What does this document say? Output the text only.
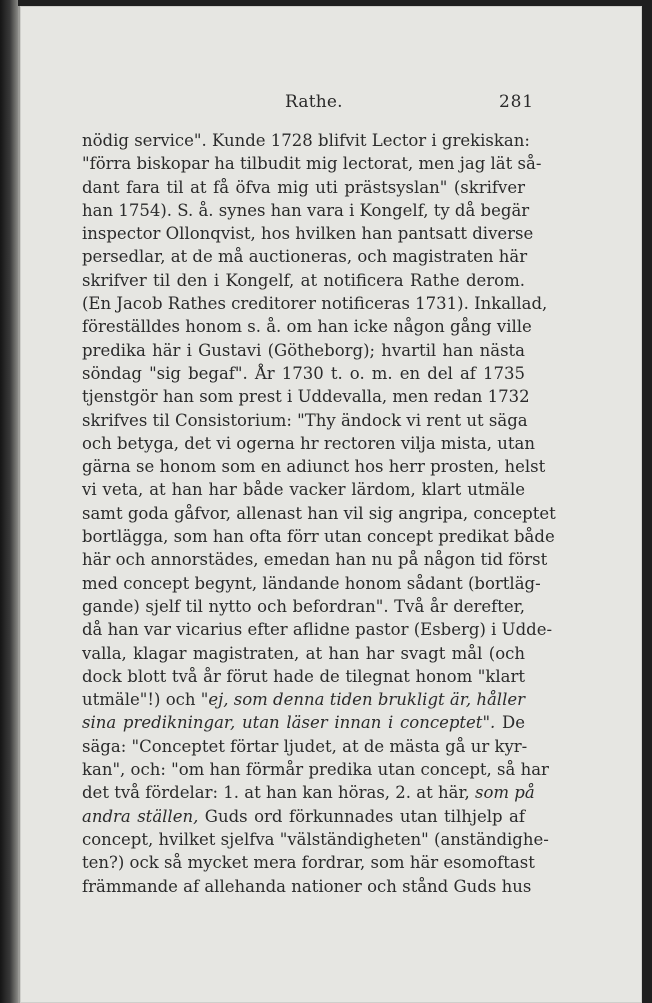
Rathe.	281
nödig service". Kunde 1728 blifvit Lector i grekiskan:
"förra biskopar ha tilbudit mig lectorat, men jag lät så-
dant fara til at få öfva mig uti prästsyslan" (skrifver
han 1754). S. å. synes han vara i Kongelf, ty då begär
inspector Ollonqvist, hos hvilken han pantsatt diverse
persedlar, at de må auctioneras, och magistraten här
skrifver til den i Kongelf, at notificera Rathe derom.
(En Jacob Rathes creditorer notificeras 1731). Inkallad,
föreställdes honom s. å. om han icke någon gång ville
predika här i Gustavi (Götheborg); hvartil han nästa
söndag "sig begaf". År 1730 t. o. m. en del af 1735
tjenstgör han som prest i Uddevalla, men redan 1732
skrifves til Consistorium: "Thy ändock vi rent ut säga
och betyga, det vi ogerna hr rectoren vilja mista, utan
gärna se honom som en adiunct hos herr prosten, helst
vi veta, at han har både vacker lärdom, klart utmäle
samt goda gåfvor, allenast han vil sig angripa, conceptet
bortlägga, som han ofta förr utan concept predikat både
här och annorstädes, emedan han nu på någon tid först
med concept begynt, ländande honom sådant (bortläg-
gande) sjelf til nytto och befordran". Två år derefter,
då han var vicarius efter aflidne pastor (Esberg) i Udde-
valla, klagar magistraten, at han har svagt mål (och
dock blott två år förut hade de tilegnat honom "klart
utmäle"!) och "ej, som denna tiden brukligt är, håller
sina predikningar, utan läser innan i conceptet". De
säga: "Conceptet förtar ljudet, at de mästa gå ur kyr-
kan", och: "om han förmår predika utan concept, så har
det två fördelar: 1. at han kan höras, 2. at här, som på
andra ställen, Guds ord förkunnades utan tilhjelp af
concept, hvilket sjelfva "välständigheten" (anständighe-
ten?) ock så mycket mera fordrar, som här esomoftast
främmande af allehanda nationer och stånd Guds hus
